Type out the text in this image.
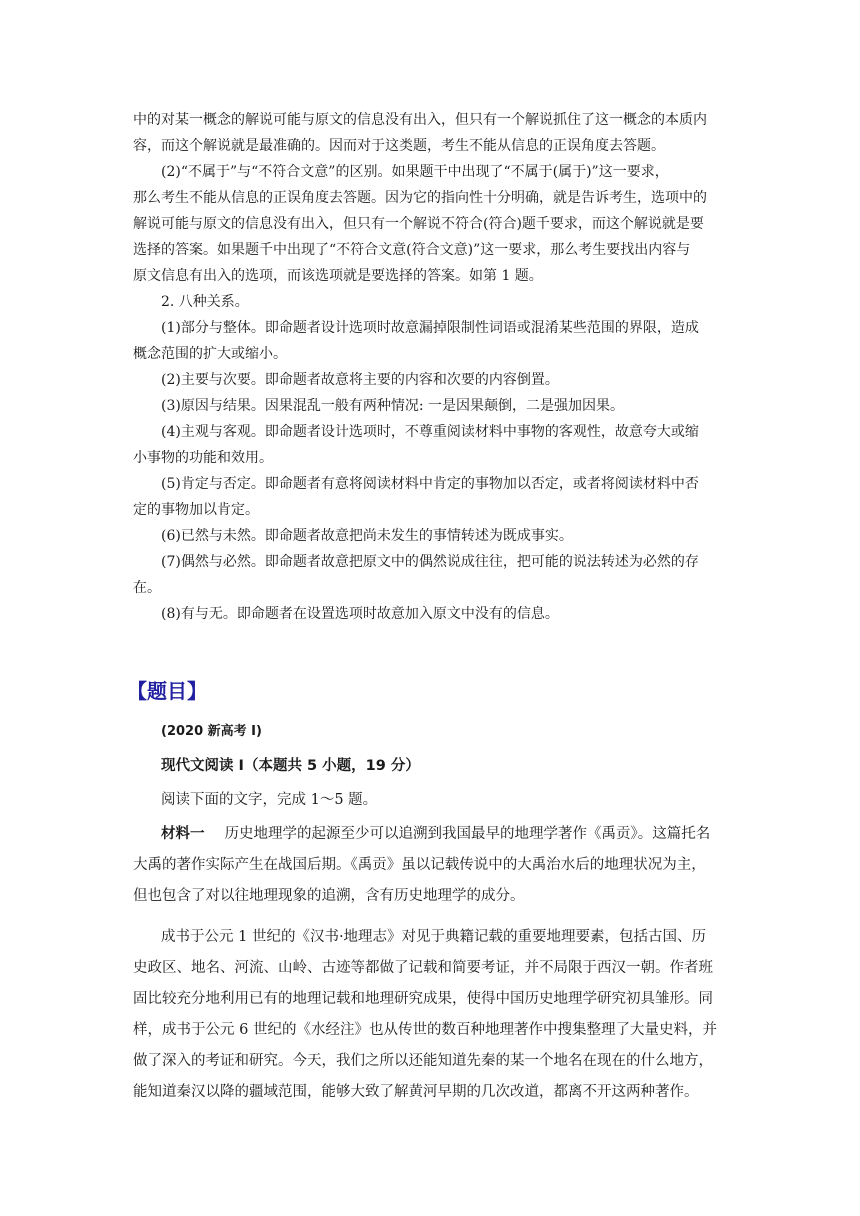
中的对某一概念的解说可能与原文的信息没有出入，但只有一个解说抓住了这一概念的本质内
容，而这个解说就是最准确的。因而对于这类题，考生不能从信息的正误角度去答题。
(2)“不属于”与“不符合文意”的区别。如果题干中出现了“不属于(属于)”这一要求，
那么考生不能从信息的正误角度去答题。因为它的指向性十分明确，就是告诉考生，选项中的
解说可能与原文的信息没有出入，但只有一个解说不符合(符合)题千要求，而这个解说就是要
选择的答案。如果题千中出现了“不符合文意(符合文意)”这一要求，那么考生要找出内容与
原文信息有出入的选项，而该选项就是要选择的答案。如第 1 题。
2. 八种关系。
(1)部分与整体。即命题者设计选项时故意漏掉限制性词语或混淆某些范围的界限，造成
概念范围的扩大或缩小。
(2)主要与次要。即命题者故意将主要的内容和次要的内容倒置。
(3)原因与结果。因果混乱一般有两种情况: 一是因果颠倒，二是强加因果。
(4)主观与客观。即命题者设计选项时，不尊重阅读材料中事物的客观性，故意夸大或缩
小事物的功能和效用。
(5)肯定与否定。即命题者有意将阅读材料中肯定的事物加以否定，或者将阅读材料中否
定的事物加以肯定。
(6)已然与未然。即命题者故意把尚未发生的事情转述为既成事实。
(7)偶然与必然。即命题者故意把原文中的偶然说成往往，把可能的说法转述为必然的存
在。
(8)有与无。即命题者在设置选项时故意加入原文中没有的信息。
【题目】
(2020 新高考 I)
现代文阅读 I（本题共 5 小题，19 分）
阅读下面的文字，完成 1～5 题。
材料一 历史地理学的起源至少可以追溯到我国最早的地理学著作《禹贡》。这篇托名
大禹的著作实际产生在战国后期。《禹贡》虽以记载传说中的大禹治水后的地理状况为主，
但也包含了对以往地理现象的追溯，含有历史地理学的成分。
成书于公元 1 世纪的《汉书·地理志》对见于典籍记载的重要地理要素，包括古国、历
史政区、地名、河流、山岭、古迹等都做了记载和简要考证，并不局限于西汉一朝。作者班
固比较充分地利用已有的地理记载和地理研究成果，使得中国历史地理学研究初具雏形。同
样，成书于公元 6 世纪的《水经注》也从传世的数百种地理著作中搜集整理了大量史料，并
做了深入的考证和研究。今天，我们之所以还能知道先秦的某一个地名在现在的什么地方，
能知道秦汉以降的疆域范围，能够大致了解黄河早期的几次改道，都离不开这两种著作。
